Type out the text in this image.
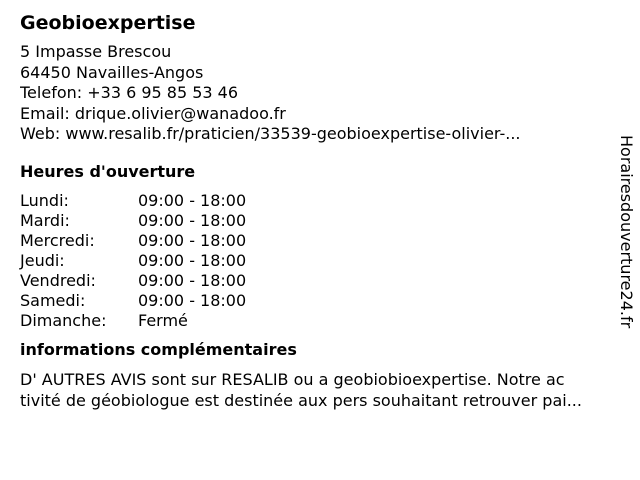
Geobioexpertise
5 Impasse Brescou
64450 Navailles-Angos
Telefon: +33 6 95 85 53 46
Email: drique.olivier@wanadoo.fr
Web: www.resalib.fr/praticien/33539-geobioexpertise-olivier-...
Heures d'ouverture
Lundi:	09:00 - 18:00
Mardi:	09:00 - 18:00
Mercredi:	09:00 - 18:00
Jeudi:	09:00 - 18:00
Vendredi:	09:00 - 18:00
Samedi:	09:00 - 18:00
Dimanche:	Fermé
informations complémentaires
D' AUTRES AVIS sont sur RESALIB ou a geobiobioexpertise. Notre ac
tivité de géobiologue est destinée aux pers souhaitant retrouver pai...
Horairesdouverture24.fr
